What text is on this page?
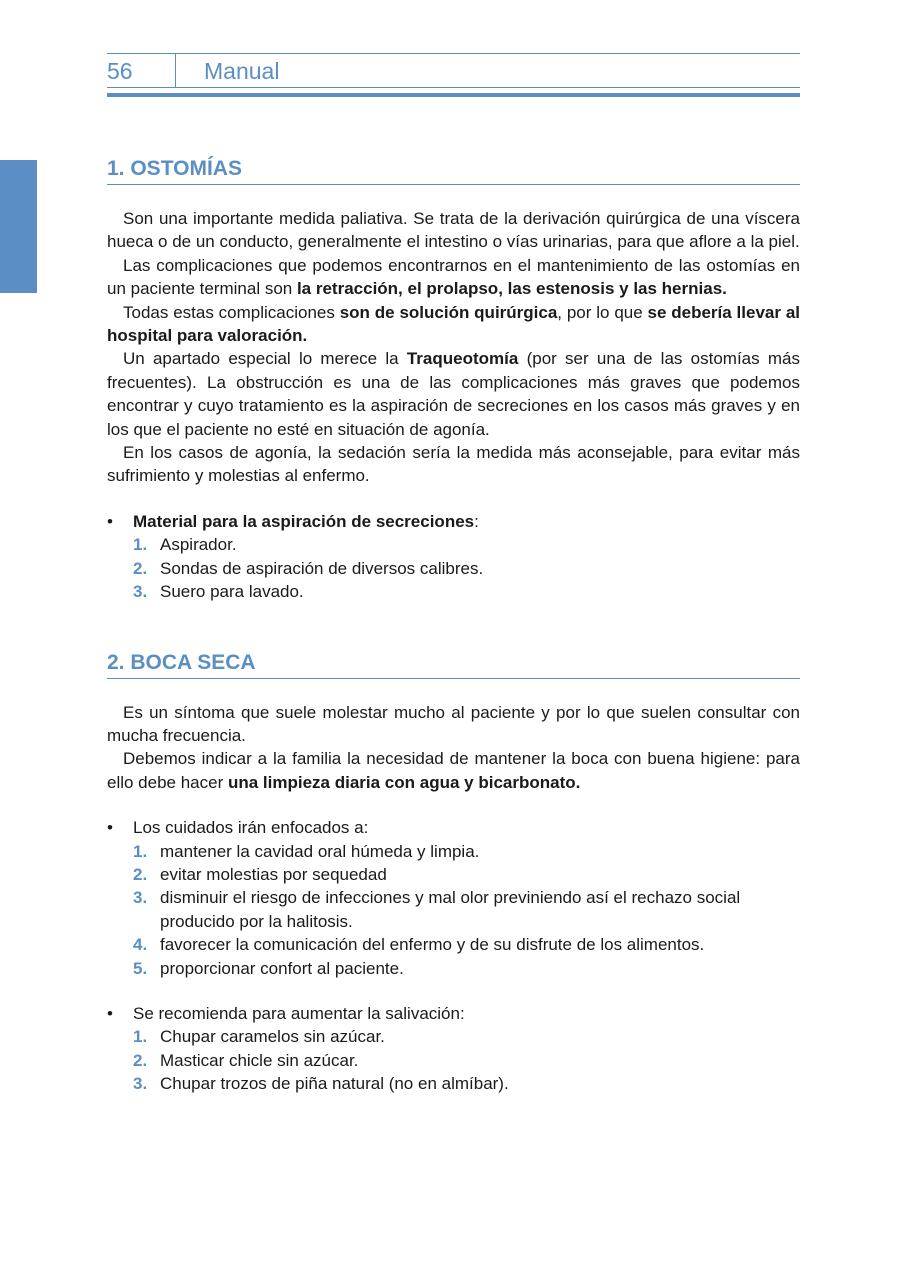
56	Manual
1. OSTOMÍAS

Son una importante medida paliativa. Se trata de la derivación quirúrgica de una víscera hueca o de un conducto, generalmente el intestino o vías urinarias, para que aflore a la piel.

Las complicaciones que podemos encontrarnos en el mantenimiento de las ostomías en un paciente terminal son la retracción, el prolapso, las estenosis y las hernias.

Todas estas complicaciones son de solución quirúrgica, por lo que se debería llevar al hospital para valoración.

Un apartado especial lo merece la Traqueotomía (por ser una de las ostomías más frecuentes). La obstrucción es una de las complicaciones más graves que podemos encontrar y cuyo tratamiento es la aspiración de secreciones en los casos más graves y en los que el paciente no esté en situación de agonía.

En los casos de agonía, la sedación sería la medida más aconsejable, para evitar más sufrimiento y molestias al enfermo.

• Material para la aspiración de secreciones:
1. Aspirador.
2. Sondas de aspiración de diversos calibres.
3. Suero para lavado.
2. BOCA SECA

Es un síntoma que suele molestar mucho al paciente y por lo que suelen consultar con mucha frecuencia.

Debemos indicar a la familia la necesidad de mantener la boca con buena higiene: para ello debe hacer una limpieza diaria con agua y bicarbonato.

• Los cuidados irán enfocados a:
1. mantener la cavidad oral húmeda y limpia.
2. evitar molestias por sequedad
3. disminuir el riesgo de infecciones y mal olor previniendo así el rechazo social producido por la halitosis.
4. favorecer la comunicación del enfermo y de su disfrute de los alimentos.
5. proporcionar confort al paciente.
• Se recomienda para aumentar la salivación:
1. Chupar caramelos sin azúcar.
2. Masticar chicle sin azúcar.
3. Chupar trozos de piña natural (no en almíbar).
